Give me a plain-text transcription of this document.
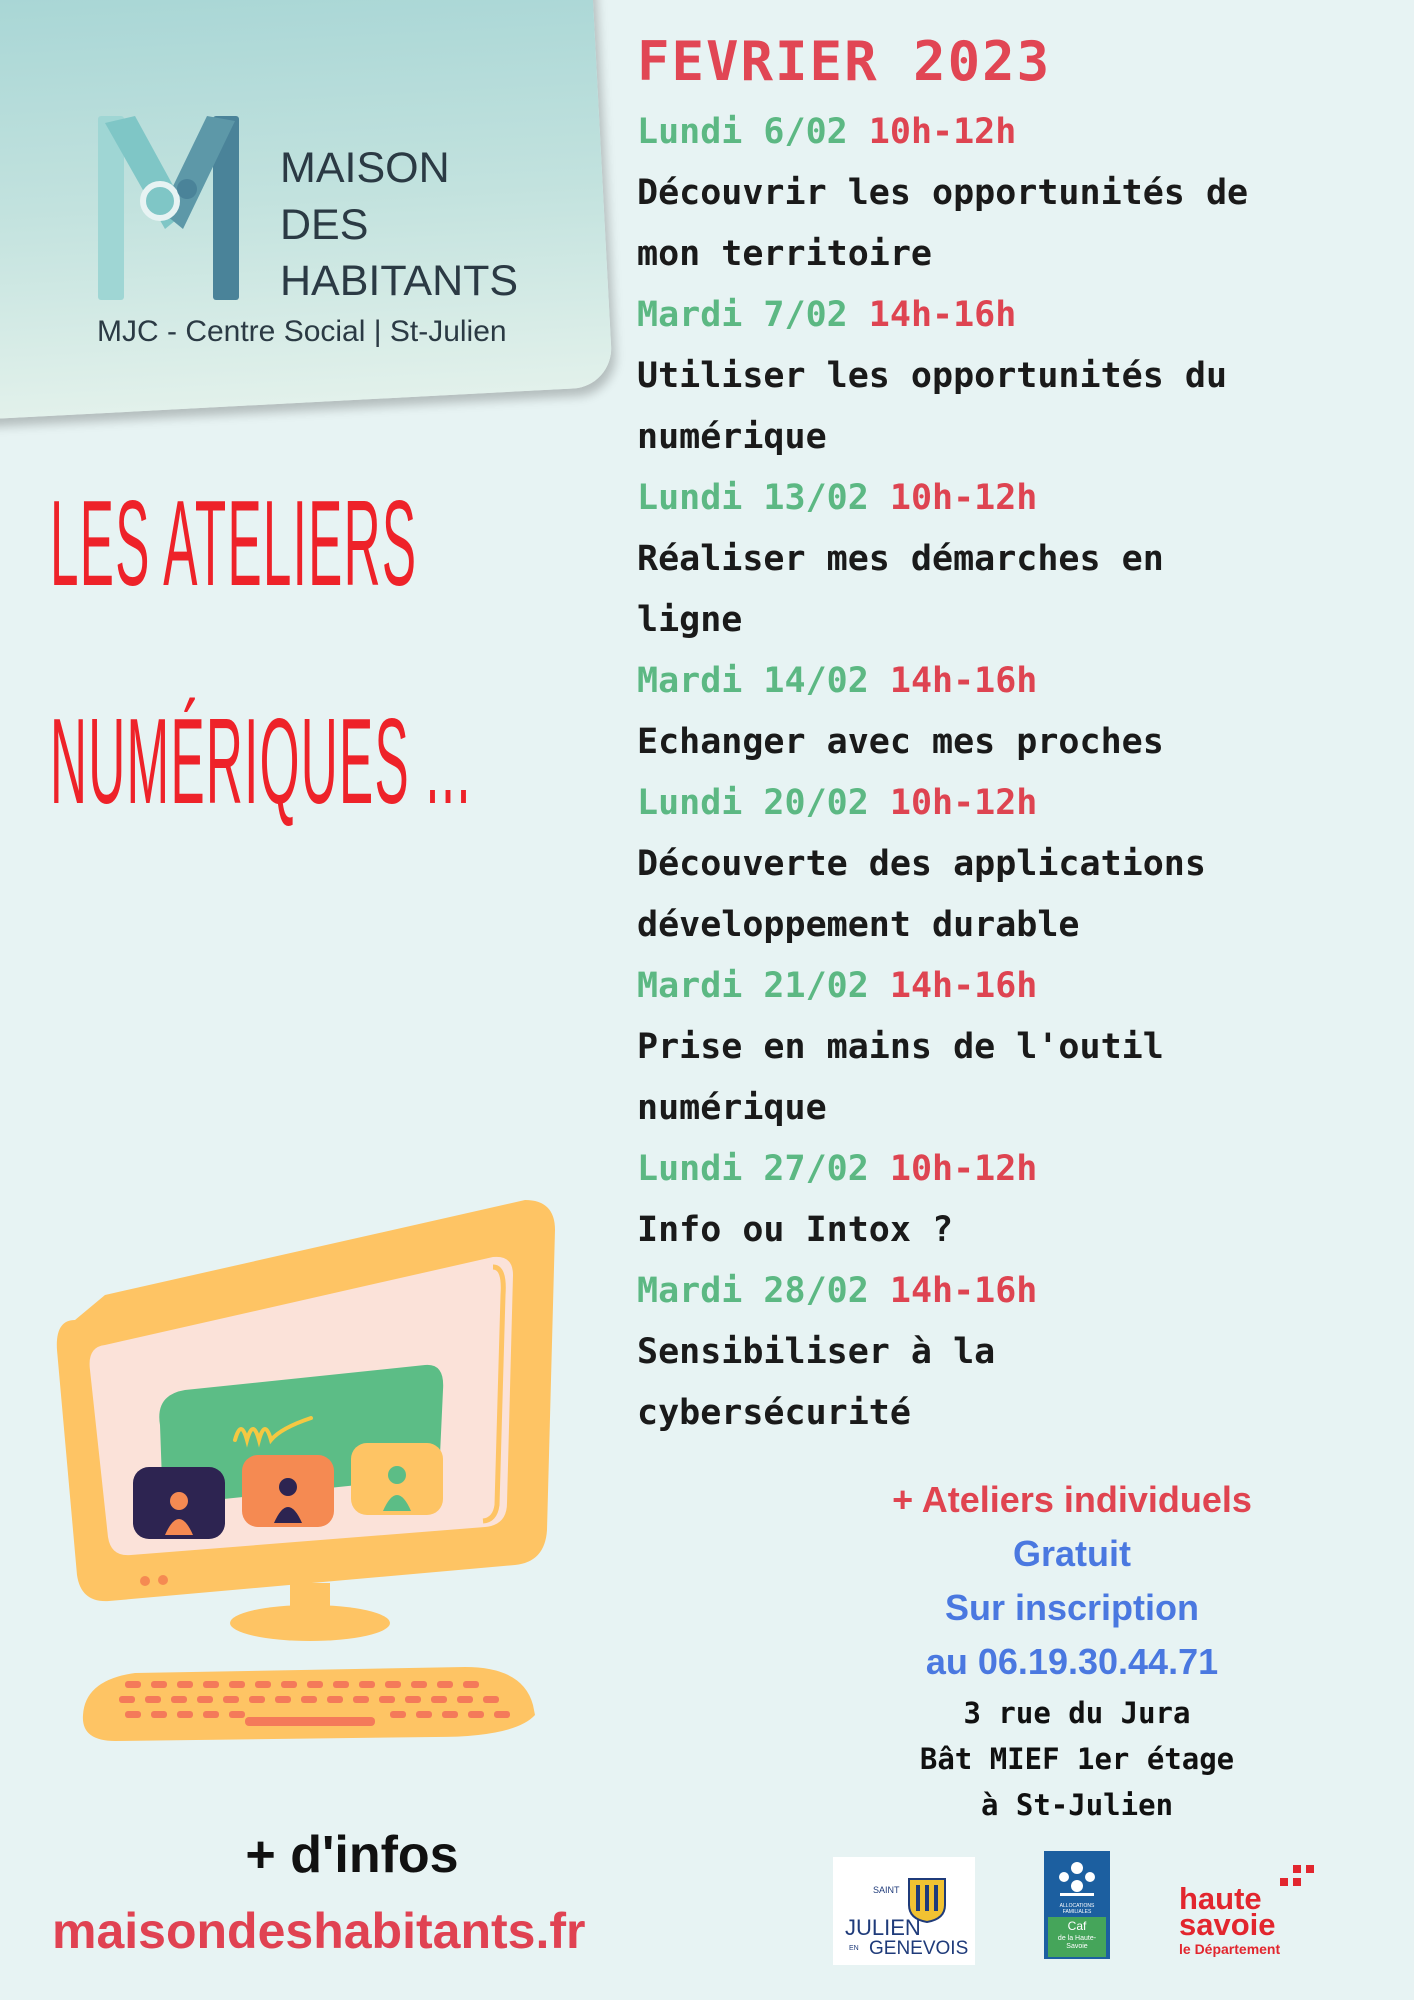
MAISON
DES
HABITANTS
MJC - Centre Social | St-Julien
LES ATELIERS
NUMÉRIQUES ...
FEVRIER 2023
Lundi 6/02 10h-12h
Découvrir les opportunités de
mon territoire
Mardi 7/02 14h-16h
Utiliser les opportunités du
numérique
Lundi 13/02 10h-12h
Réaliser mes démarches en
ligne
Mardi 14/02 14h-16h
Echanger avec mes proches
Lundi 20/02 10h-12h
Découverte des applications
développement durable
Mardi 21/02 14h-16h
Prise en mains de l'outil
numérique
Lundi 27/02 10h-12h
Info ou Intox ?
Mardi 28/02 14h-16h
Sensibiliser à la
cybersécurité
+ Ateliers individuels
Gratuit
Sur inscription
au 06.19.30.44.71
3 rue du Jura
Bât MIEF 1er étage
à St-Julien
+ d'infos
maisondeshabitants.fr
SAINT
JULIEN
EN GENEVOIS
ALLOCATIONS FAMILIALES
Caf
de la Haute-Savoie
haute
savoie
le Département
